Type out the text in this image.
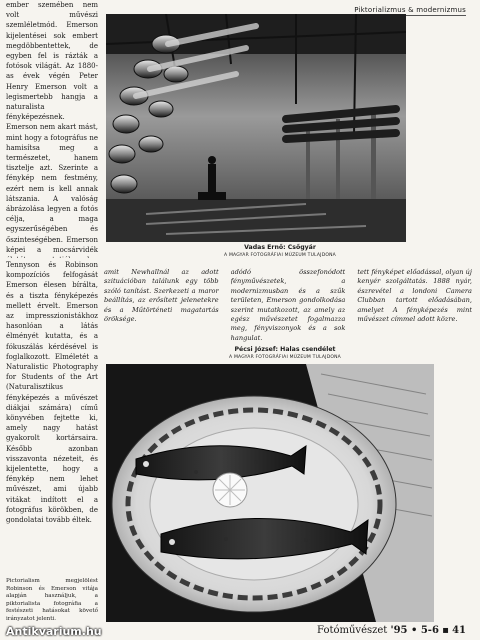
Piktorializmus & modernizmus

ember szemében nem volt művészi szemléletmód. Emerson kijelentései sok embert megdöbbentettek, de egyben fel is rázták a fotósok világát. Az 1880-as évek végén Peter Henry Emerson volt a legismertebb hangja a naturalista fényképezésnek. Emerson nem akart mást, mint hogy a fotográfus ne hamisítsa meg a természetet, hanem tisztelje azt. Szerinte a fénykép nem festmény, ezért nem is kell annak látszania. A valóság ábrázolása legyen a fotós célja, a maga egyszerűségében és őszinteségében. Emerson képei a mocsárvidék

Tennyson és Robinson kompozíciós felfogását Emerson élesen bírálta, és a tiszta fényképezés mellett érvelt. Emerson az impresszionistákhoz hasonlóan a látás élményét kutatta, és a fókuszálás kérdésével is foglalkozott. Elméletét a Naturalistic Photography for Students of the Art (Naturalisztikus fényképezés a művészet diákjai számára) című könyvében fejtette ki, amely nagy hatást gyakorolt kortársaira. Később azonban visszavonta nézeteit, és kijelentette, hogy a fénykép nem lehet művészet, ami újabb vitákat indított el a fotográfus körökben, de gondolatai tovább éltek.

Pictorialism megjelölést Robinson és Emerson vitája alapján használjuk, a piktorialista fotográfia a festészeti hatásokat követő irányzatot jelenti.

Vadas Ernő: Csőgyár
A MAGYAR FOTOGRÁFIAI MÚZEUM TULAJDONA

amit Newhallnál az adott szituációban találunk egy több szóló tanítást. Szerkezeti a maror beállítás, az erősített jelenetekre és a Műtörténeti magatartás öröksége.

adódó összefonódott fényművészetek, a modernizmusban és a szűk területen, Emerson gondolkodása szerint mutatkozott, az amely az egész művészetet fogalmazza meg, fényviszonyok és a sok hangulat.

tett fényképet előadással, olyan új kenyér szolgáltatás. 1888 nyár, észrevétel a londoni Camera Clubban tartott előadásában, amelyet A fényképezés mint művészet címmel adott közre.

Pécsi József: Halas csendélet
A MAGYAR FOTOGRÁFIAI MÚZEUM TULAJDONA
Fotóművészet '95 • 5-6 ▪ 41
Antikvarium.hu
